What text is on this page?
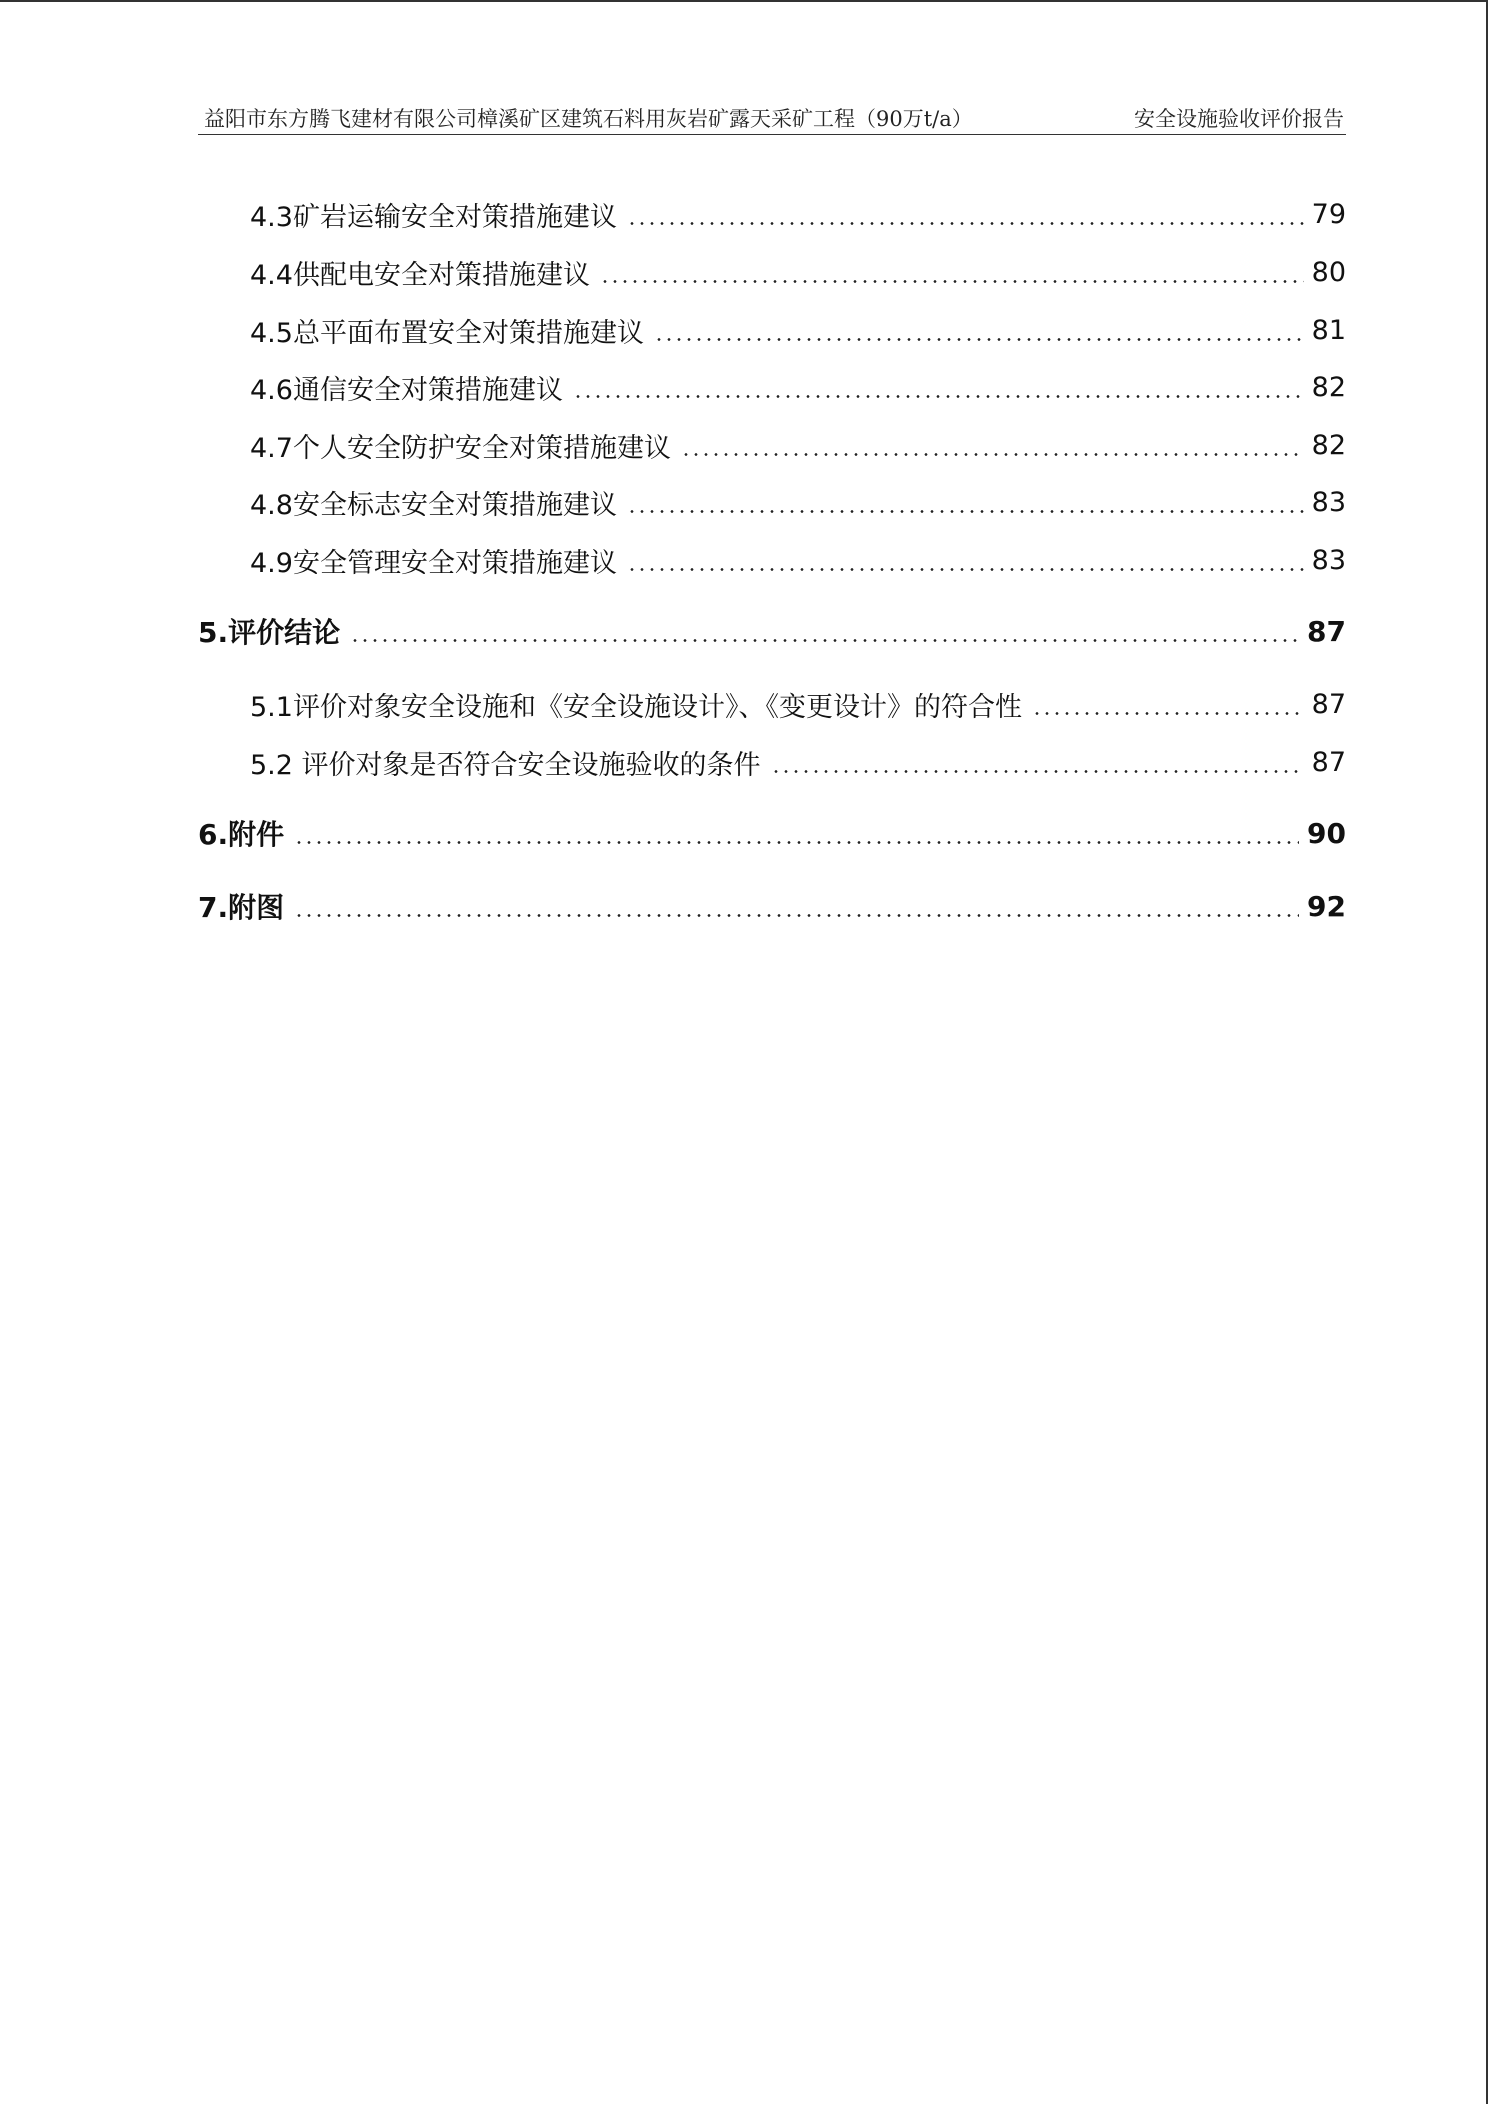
益阳市东方腾飞建材有限公司樟溪矿区建筑石料用灰岩矿露天采矿工程（90万t/a）	安全设施验收评价报告
4.3矿岩运输安全对策措施建议	79
4.4供配电安全对策措施建议	80
4.5总平面布置安全对策措施建议	81
4.6通信安全对策措施建议	82
4.7个人安全防护安全对策措施建议	82
4.8安全标志安全对策措施建议	83
4.9安全管理安全对策措施建议	83
5.评价结论	87
5.1评价对象安全设施和《安全设施设计》、《变更设计》的符合性	87
5.2 评价对象是否符合安全设施验收的条件	87
6.附件	90
7.附图	92
